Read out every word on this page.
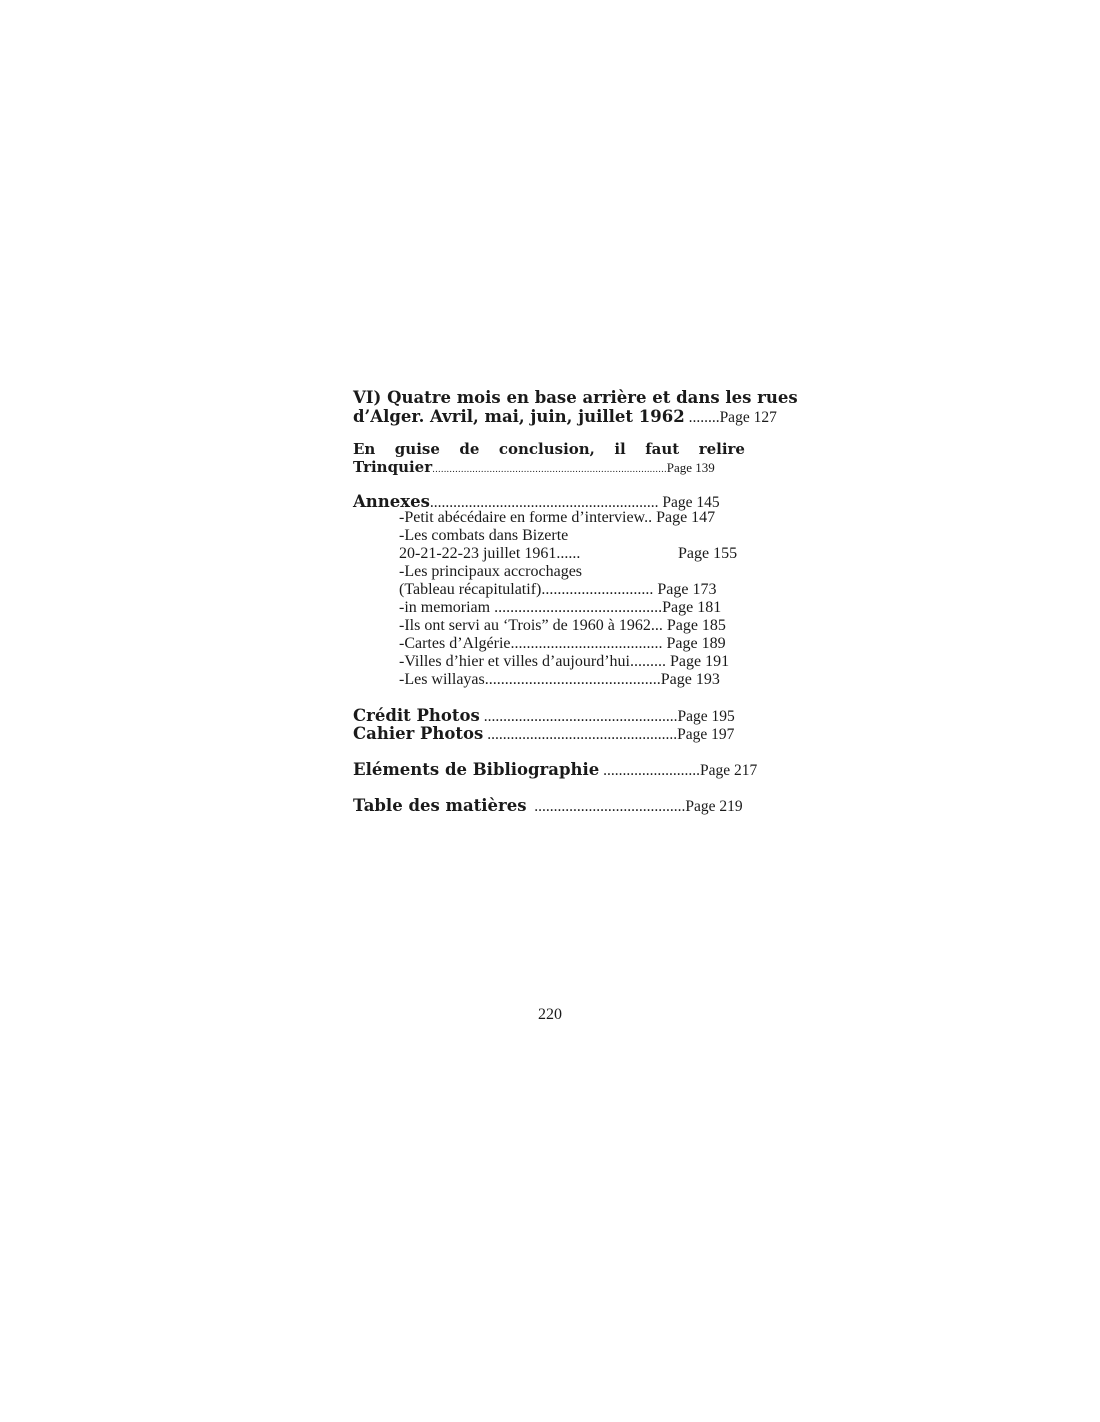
VI) Quatre mois en base arrière et dans les rues
d’Alger. Avril, mai, juin, juillet 1962 ........Page 127
En guise de conclusion, il faut relire
Trinquier..................................................................................Page 139
Annexes........................................................... Page 145
-Petit abécédaire en forme d’interview.. Page 147
-Les combats dans Bizerte
20-21-22-23 juillet 1961......	Page 155
-Les principaux accrochages
(Tableau récapitulatif)............................ Page 173
-in memoriam ..........................................Page 181
-Ils ont servi au ‘Trois” de 1960 à 1962... Page 185
-Cartes d’Algérie...................................... Page 189
-Villes d’hier et villes d’aujourd’hui......... Page 191
-Les willayas............................................Page 193
Crédit Photos ..................................................Page 195
Cahier Photos .................................................Page 197
Eléments de Bibliographie .........................Page 217
Table des matières  .......................................Page 219
220
